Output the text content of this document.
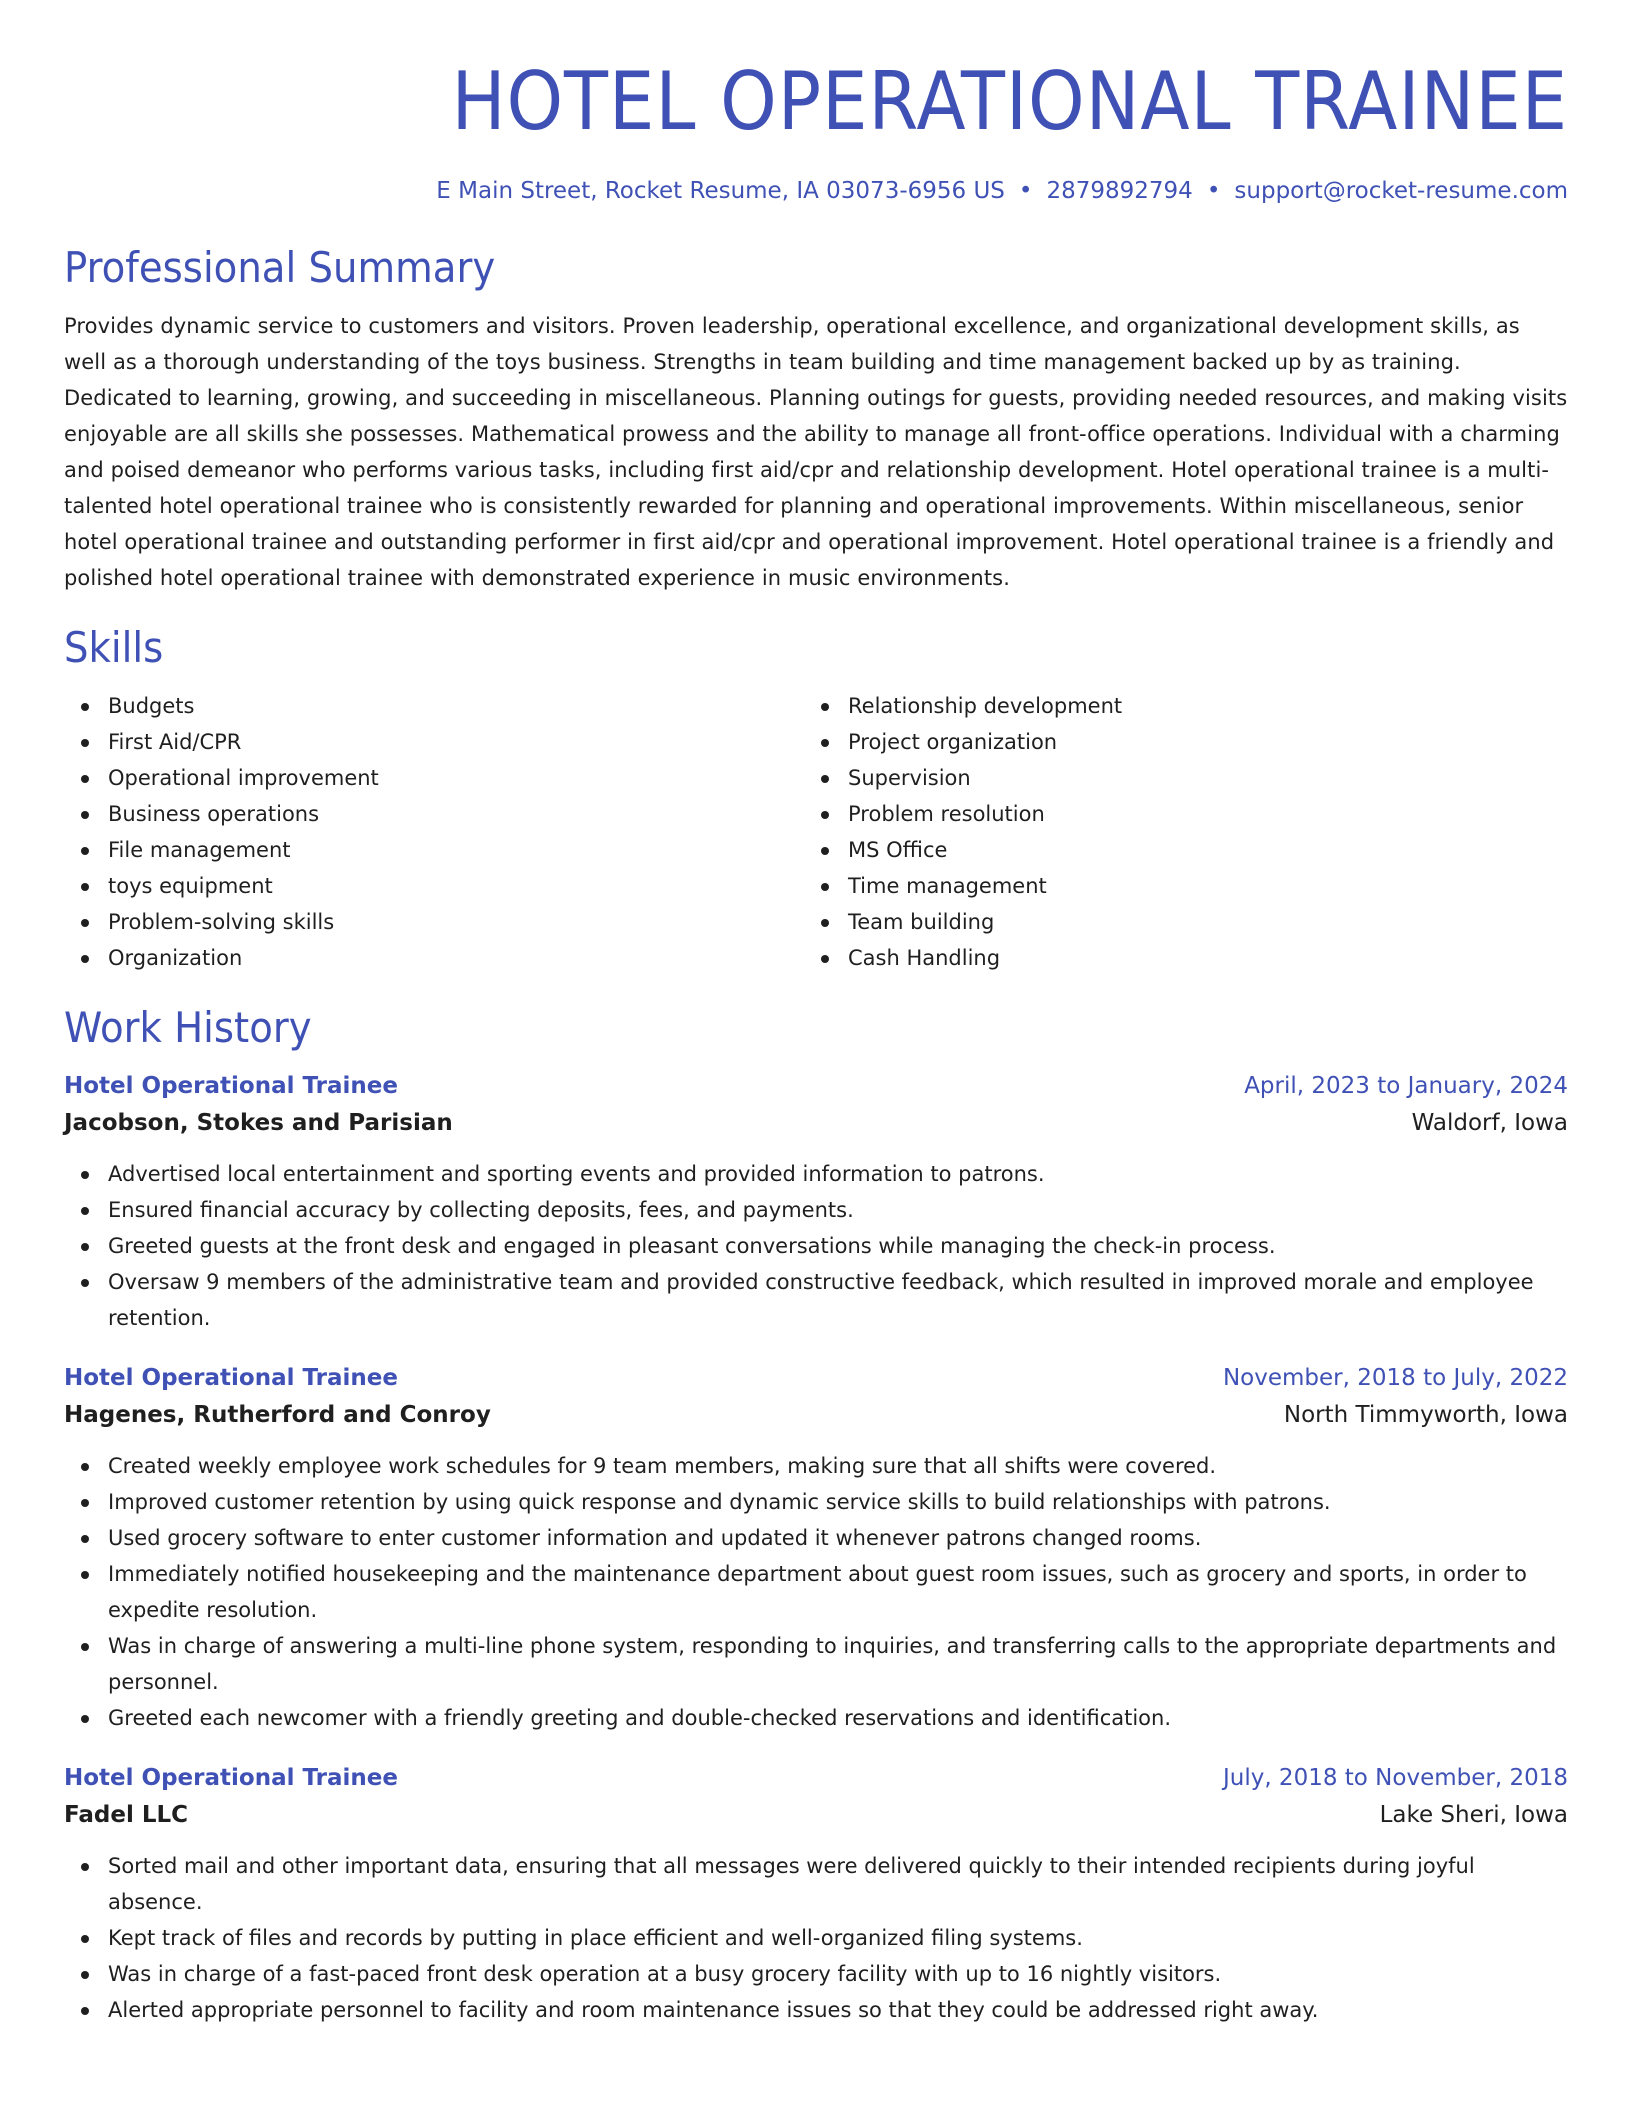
HOTEL OPERATIONAL TRAINEE
E Main Street, Rocket Resume, IA 03073-6956 US • 2879892794 • support@rocket-resume.com
Professional Summary
Provides dynamic service to customers and visitors. Proven leadership, operational excellence, and organizational development skills, as well as a thorough understanding of the toys business. Strengths in team building and time management backed up by as training. Dedicated to learning, growing, and succeeding in miscellaneous. Planning outings for guests, providing needed resources, and making visits enjoyable are all skills she possesses. Mathematical prowess and the ability to manage all front-office operations. Individual with a charming and poised demeanor who performs various tasks, including first aid/cpr and relationship development. Hotel operational trainee is a multi-talented hotel operational trainee who is consistently rewarded for planning and operational improvements. Within miscellaneous, senior hotel operational trainee and outstanding performer in first aid/cpr and operational improvement. Hotel operational trainee is a friendly and polished hotel operational trainee with demonstrated experience in music environments.
Skills
Budgets
First Aid/CPR
Operational improvement
Business operations
File management
toys equipment
Problem-solving skills
Organization
Relationship development
Project organization
Supervision
Problem resolution
MS Office
Time management
Team building
Cash Handling
Work History
Hotel Operational Trainee	April, 2023 to January, 2024
Jacobson, Stokes and Parisian	Waldorf, Iowa
Advertised local entertainment and sporting events and provided information to patrons.
Ensured financial accuracy by collecting deposits, fees, and payments.
Greeted guests at the front desk and engaged in pleasant conversations while managing the check-in process.
Oversaw 9 members of the administrative team and provided constructive feedback, which resulted in improved morale and employee retention.
Hotel Operational Trainee	November, 2018 to July, 2022
Hagenes, Rutherford and Conroy	North Timmyworth, Iowa
Created weekly employee work schedules for 9 team members, making sure that all shifts were covered.
Improved customer retention by using quick response and dynamic service skills to build relationships with patrons.
Used grocery software to enter customer information and updated it whenever patrons changed rooms.
Immediately notified housekeeping and the maintenance department about guest room issues, such as grocery and sports, in order to expedite resolution.
Was in charge of answering a multi-line phone system, responding to inquiries, and transferring calls to the appropriate departments and personnel.
Greeted each newcomer with a friendly greeting and double-checked reservations and identification.
Hotel Operational Trainee	July, 2018 to November, 2018
Fadel LLC	Lake Sheri, Iowa
Sorted mail and other important data, ensuring that all messages were delivered quickly to their intended recipients during joyful absence.
Kept track of files and records by putting in place efficient and well-organized filing systems.
Was in charge of a fast-paced front desk operation at a busy grocery facility with up to 16 nightly visitors.
Alerted appropriate personnel to facility and room maintenance issues so that they could be addressed right away.
